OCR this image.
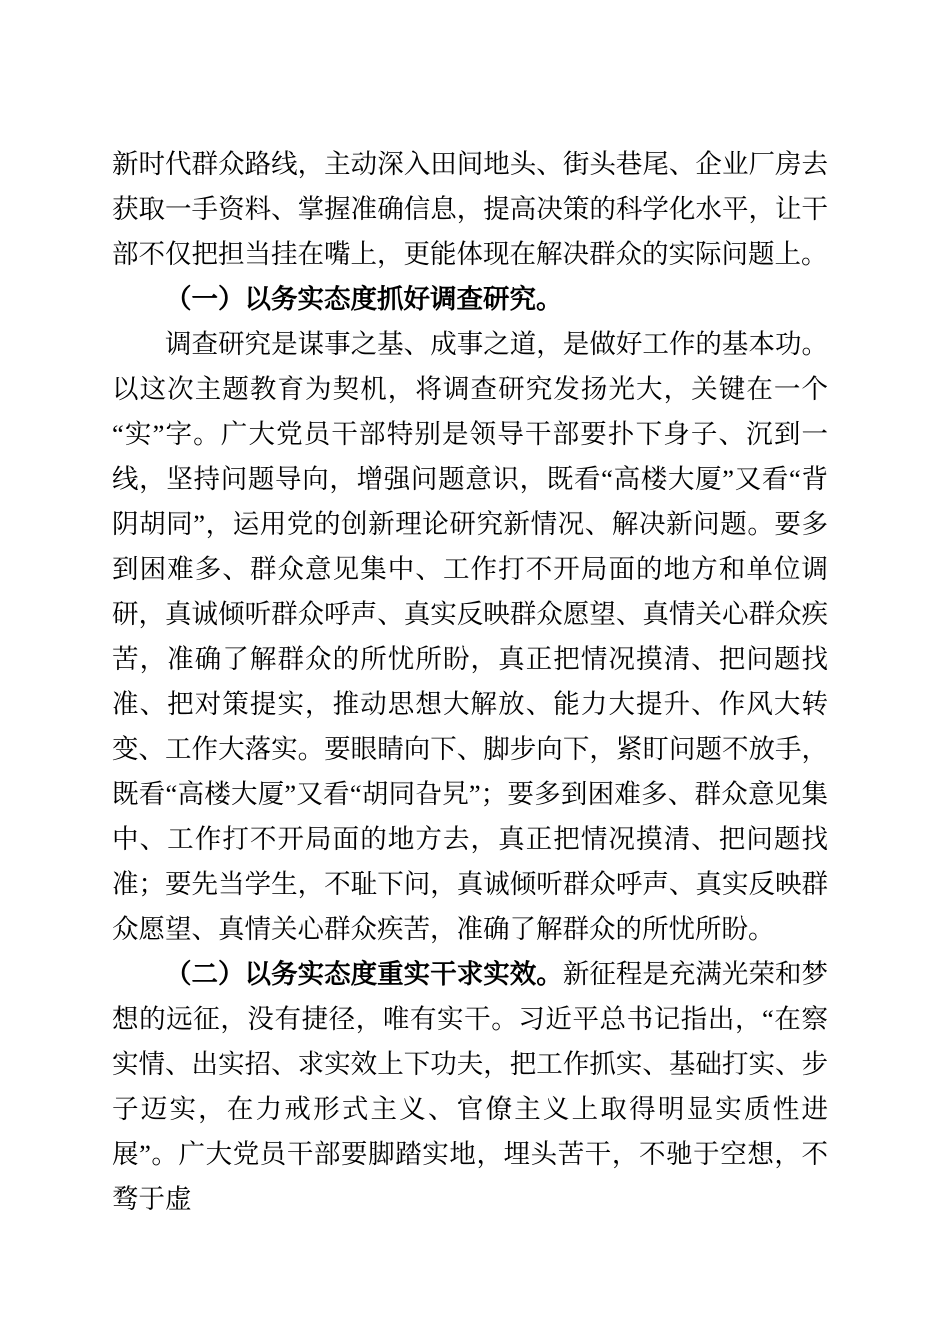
新时代群众路线，主动深入田间地头、街头巷尾、企业厂房去获取一手资料、掌握准确信息，提高决策的科学化水平，让干部不仅把担当挂在嘴上，更能体现在解决群众的实际问题上。

（一）以务实态度抓好调查研究。

调查研究是谋事之基、成事之道，是做好工作的基本功。以这次主题教育为契机，将调查研究发扬光大，关键在一个“实”字。广大党员干部特别是领导干部要扑下身子、沉到一线，坚持问题导向，增强问题意识，既看“高楼大厦”又看“背阴胡同”，运用党的创新理论研究新情况、解决新问题。要多到困难多、群众意见集中、工作打不开局面的地方和单位调研，真诚倾听群众呼声、真实反映群众愿望、真情关心群众疾苦，准确了解群众的所忧所盼，真正把情况摸清、把问题找准、把对策提实，推动思想大解放、能力大提升、作风大转变、工作大落实。要眼睛向下、脚步向下，紧盯问题不放手，既看“高楼大厦”又看“胡同旮旯”；要多到困难多、群众意见集中、工作打不开局面的地方去，真正把情况摸清、把问题找准；要先当学生，不耻下问，真诚倾听群众呼声、真实反映群众愿望、真情关心群众疾苦，准确了解群众的所忧所盼。

（二）以务实态度重实干求实效。新征程是充满光荣和梦想的远征，没有捷径，唯有实干。习近平总书记指出，“在察实情、出实招、求实效上下功夫，把工作抓实、基础打实、步子迈实，在力戒形式主义、官僚主义上取得明显实质性进展”。广大党员干部要脚踏实地，埋头苦干，不驰于空想，不骛于虚
